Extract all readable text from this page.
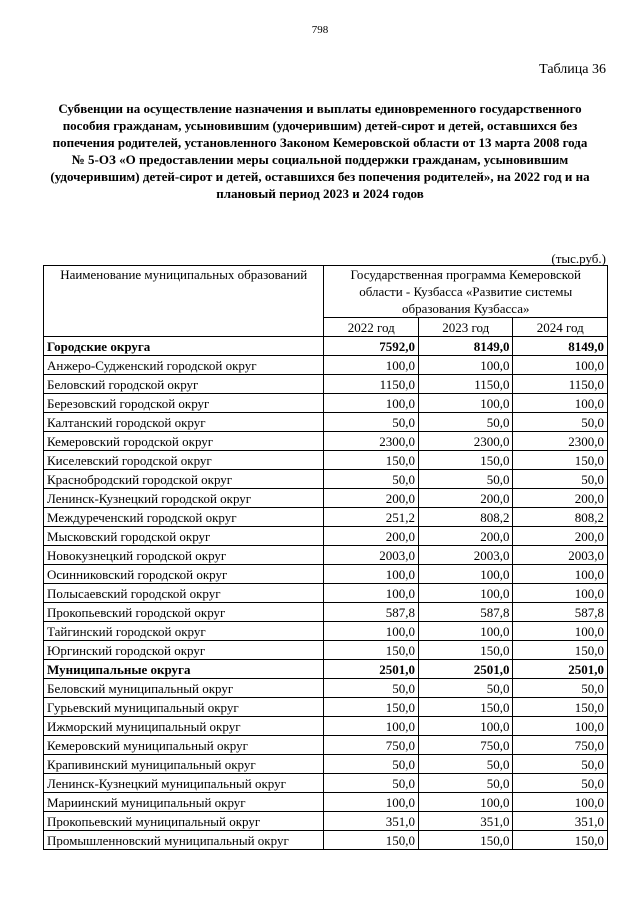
798
Таблица 36
Субвенции на осуществление назначения и выплаты единовременного государственного пособия гражданам, усыновившим (удочерившим) детей-сирот и детей, оставшихся без попечения родителей, установленного Законом Кемеровской области от 13 марта 2008 года № 5-ОЗ «О предоставлении меры социальной поддержки гражданам, усыновившим (удочерившим) детей-сирот и детей, оставшихся без попечения родителей», на 2022 год и на плановый период 2023 и 2024 годов
(тыс.руб.)
Наименование муниципальных образований	Государственная программа Кемеровской области - Кузбасса «Развитие системы образования Кузбасса»		
	2022 год	2023 год	2024 год
Городские округа	7592,0	8149,0	8149,0
Анжеро-Судженский городской округ	100,0	100,0	100,0
Беловский городской округ	1150,0	1150,0	1150,0
Березовский городской округ	100,0	100,0	100,0
Калтанский городской округ	50,0	50,0	50,0
Кемеровский городской округ	2300,0	2300,0	2300,0
Киселевский городской округ	150,0	150,0	150,0
Краснобродский городской округ	50,0	50,0	50,0
Ленинск-Кузнецкий городской округ	200,0	200,0	200,0
Междуреченский городской округ	251,2	808,2	808,2
Мысковский городской округ	200,0	200,0	200,0
Новокузнецкий городской округ	2003,0	2003,0	2003,0
Осинниковский городской округ	100,0	100,0	100,0
Полысаевский городской округ	100,0	100,0	100,0
Прокопьевский городской округ	587,8	587,8	587,8
Тайгинский городской округ	100,0	100,0	100,0
Юргинский городской округ	150,0	150,0	150,0
Муниципальные округа	2501,0	2501,0	2501,0
Беловский муниципальный округ	50,0	50,0	50,0
Гурьевский муниципальный округ	150,0	150,0	150,0
Ижморский муниципальный округ	100,0	100,0	100,0
Кемеровский муниципальный округ	750,0	750,0	750,0
Крапивинский муниципальный округ	50,0	50,0	50,0
Ленинск-Кузнецкий муниципальный округ	50,0	50,0	50,0
Мариинский муниципальный округ	100,0	100,0	100,0
Прокопьевский муниципальный округ	351,0	351,0	351,0
Промышленновский муниципальный округ	150,0	150,0	150,0
